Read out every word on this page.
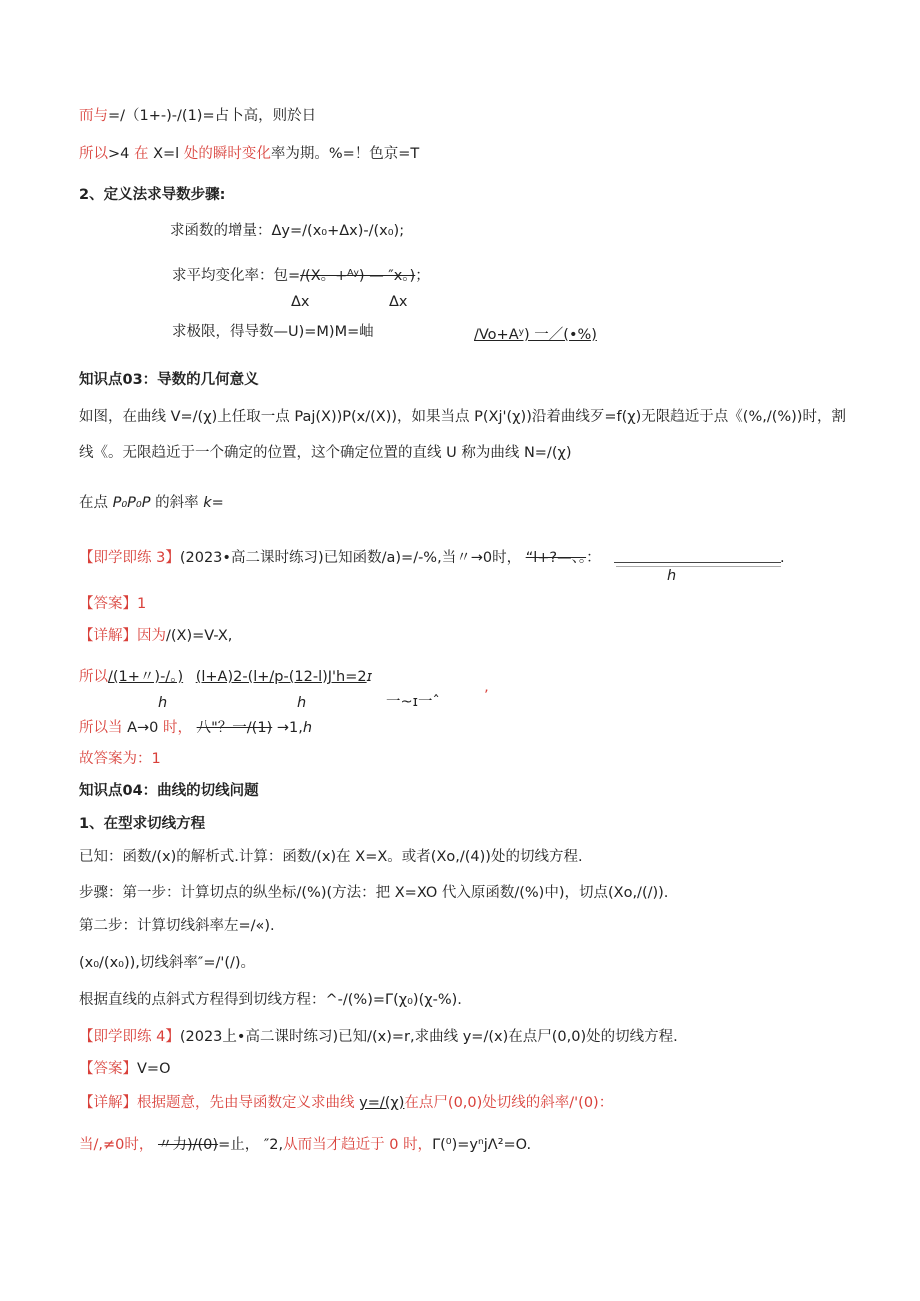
而与=/（1+-)-/(1)=占卜高，则於日
所以>4 在 X=l 处的瞬时变化率为期。%=！色京=T
2、定义法求导数步骤:
求函数的增量：Δy=/(x₀+Δx)-/(x₀);
求平均变化率：包=/(X。+ᴬʸ) — ″x。)；
Δx	Δx
求极限，得导数—U)=M)M=岫	/Vo+Aʸ) 一／(•%)
知识点03：导数的几何意义
如图，在曲线 V=/(χ)上任取一点 Paj(X))P(x/(X))，如果当点 P(Xj'(χ))沿着曲线歹=f(χ)无限趋近于点《(%,/(%))时，割
线《。无限趋近于一个确定的位置，这个确定位置的直线 U 称为曲线 N=/(χ)
在点 P₀P₀P 的斜率 k=
【即学即练 3】(2023•高二课时练习)已知函数/a)=/-%,当〃→0时， “l+?—、。：	.
h
【答案】1
【详解】因为/(X)=V-X,
所以/(1+〃)-/。) (l+A)2-(l+/p-(12-l)J'h=2ɪ
h	h	一~ɪ一ˆ	’
所以当 A→0 时， 八"？一/(1) →1,h
故答案为：1
知识点04：曲线的切线问题
1、在型求切线方程
已知：函数/(x)的解析式.计算：函数/(x)在 X=X。或者(Xo,/(4))处的切线方程.
步骤：第一步：计算切点的纵坐标/(%)(方法：把 X=XO 代入原函数/(%)中)，切点(Xo,/(/)).
第二步：计算切线斜率左=/«).
(x₀/(x₀)),切线斜率″=/'(/)。
根据直线的点斜式方程得到切线方程：^-/(%)=Γ(χ₀)(χ-%).
【即学即练 4】(2023上•高二课时练习)已知/(x)=r,求曲线 y=/(x)在点尸(0,0)处的切线方程.
【答案】V=O
【详解】根据题意，先由导函数定义求曲线 y=/(χ)在点尸(0,0)处切线的斜率/'(0)：
当/,≠0时， 〃力)/(0)=止， ″2,从而当才趋近于 0 时，Γ(⁰)=yⁿjΛ²=O.
